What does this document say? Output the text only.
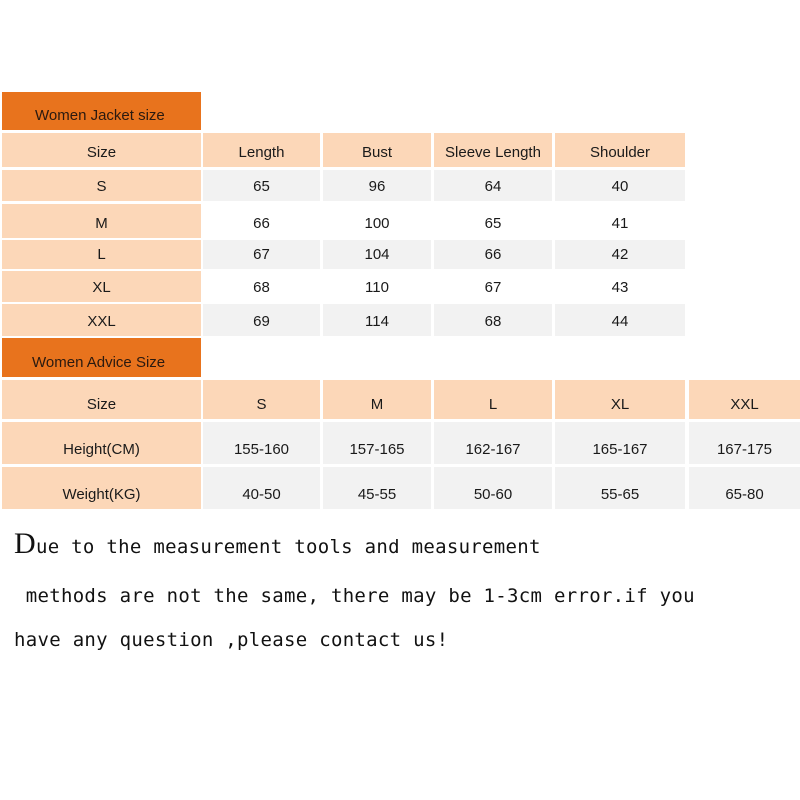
Women Jacket size
Size	Length	Bust	Sleeve Length	Shoulder
S	65	96	64	40
M	66	100	65	41
L	67	104	66	42
XL	68	110	67	43
XXL	69	114	68	44
Women Advice Size
Size	S	M	L	XL	XXL
Height(CM)	155-160	157-165	162-167	165-167	167-175
Weight(KG)	40-50	45-55	50-60	55-65	65-80
Due to the measurement tools and measurement
methods are not the same, there may be 1-3cm error.if you
have any question ,please contact us!
